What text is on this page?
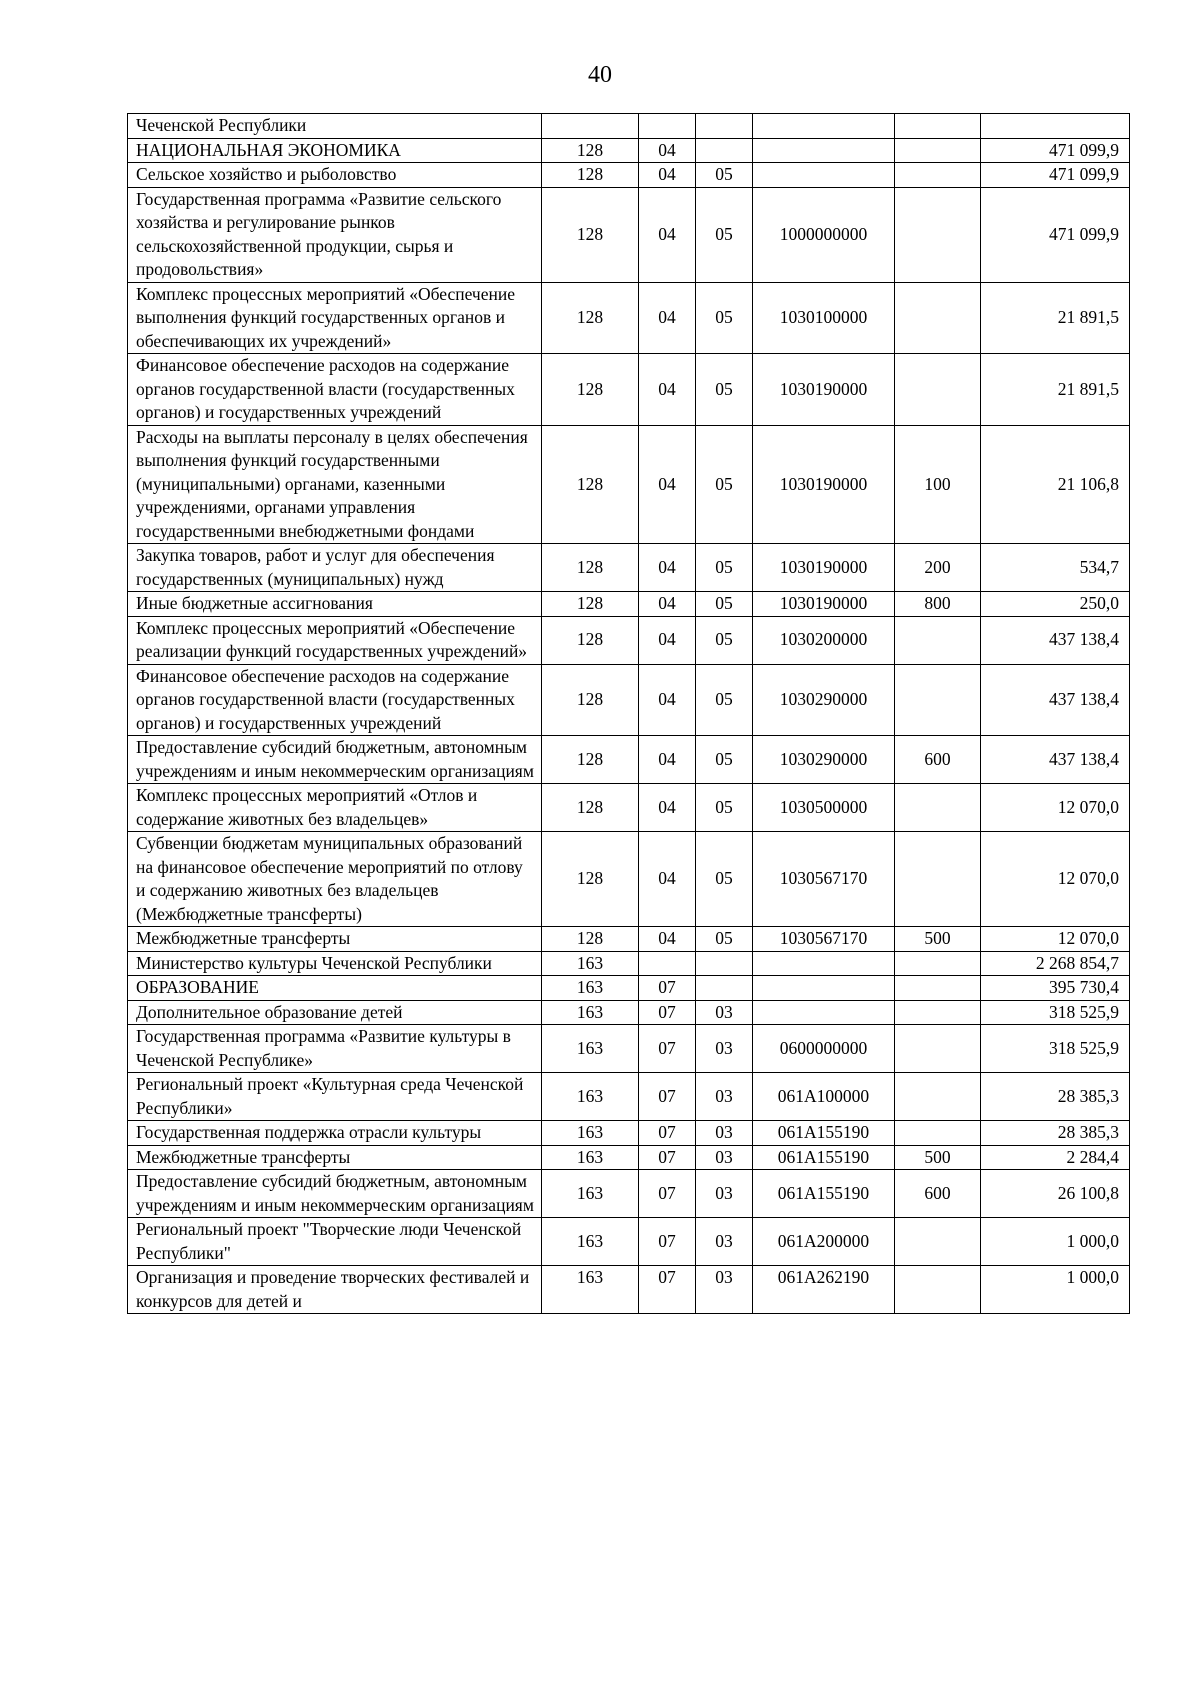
40
Чеченской Республики						
НАЦИОНАЛЬНАЯ ЭКОНОМИКА	128	04				471 099,9
Сельское хозяйство и рыболовство	128	04	05			471 099,9
Государственная программа «Развитие сельского хозяйства и регулирование рынков сельскохозяйственной продукции, сырья и продовольствия»	128	04	05	1000000000		471 099,9
Комплекс процессных мероприятий «Обеспечение выполнения функций государственных органов и обеспечивающих их учреждений»	128	04	05	1030100000		21 891,5
Финансовое обеспечение расходов на содержание органов государственной власти (государственных органов) и государственных учреждений	128	04	05	1030190000		21 891,5
Расходы на выплаты персоналу в целях обеспечения выполнения функций государственными (муниципальными) органами, казенными учреждениями, органами управления государственными внебюджетными фондами	128	04	05	1030190000	100	21 106,8
Закупка товаров, работ и услуг для обеспечения государственных (муниципальных) нужд	128	04	05	1030190000	200	534,7
Иные бюджетные ассигнования	128	04	05	1030190000	800	250,0
Комплекс процессных мероприятий «Обеспечение реализации функций государственных учреждений»	128	04	05	1030200000		437 138,4
Финансовое обеспечение расходов на содержание органов государственной власти (государственных органов) и государственных учреждений	128	04	05	1030290000		437 138,4
Предоставление субсидий бюджетным, автономным учреждениям и иным некоммерческим организациям	128	04	05	1030290000	600	437 138,4
Комплекс процессных мероприятий «Отлов и содержание животных без владельцев»	128	04	05	1030500000		12 070,0
Субвенции бюджетам муниципальных образований на финансовое обеспечение мероприятий по отлову и содержанию животных без владельцев (Межбюджетные трансферты)	128	04	05	1030567170		12 070,0
Межбюджетные трансферты	128	04	05	1030567170	500	12 070,0
Министерство культуры Чеченской Республики	163					2 268 854,7
ОБРАЗОВАНИЕ	163	07				395 730,4
Дополнительное образование детей	163	07	03			318 525,9
Государственная программа «Развитие культуры в Чеченской Республике»	163	07	03	0600000000		318 525,9
Региональный проект «Культурная среда Чеченской Республики»	163	07	03	061A100000		28 385,3
Государственная поддержка отрасли культуры	163	07	03	061A155190		28 385,3
Межбюджетные трансферты	163	07	03	061A155190	500	2 284,4
Предоставление субсидий бюджетным, автономным учреждениям и иным некоммерческим организациям	163	07	03	061A155190	600	26 100,8
Региональный проект "Творческие люди Чеченской Республики"	163	07	03	061A200000		1 000,0
Организация и проведение творческих фестивалей и конкурсов для детей и	163	07	03	061A262190		1 000,0
